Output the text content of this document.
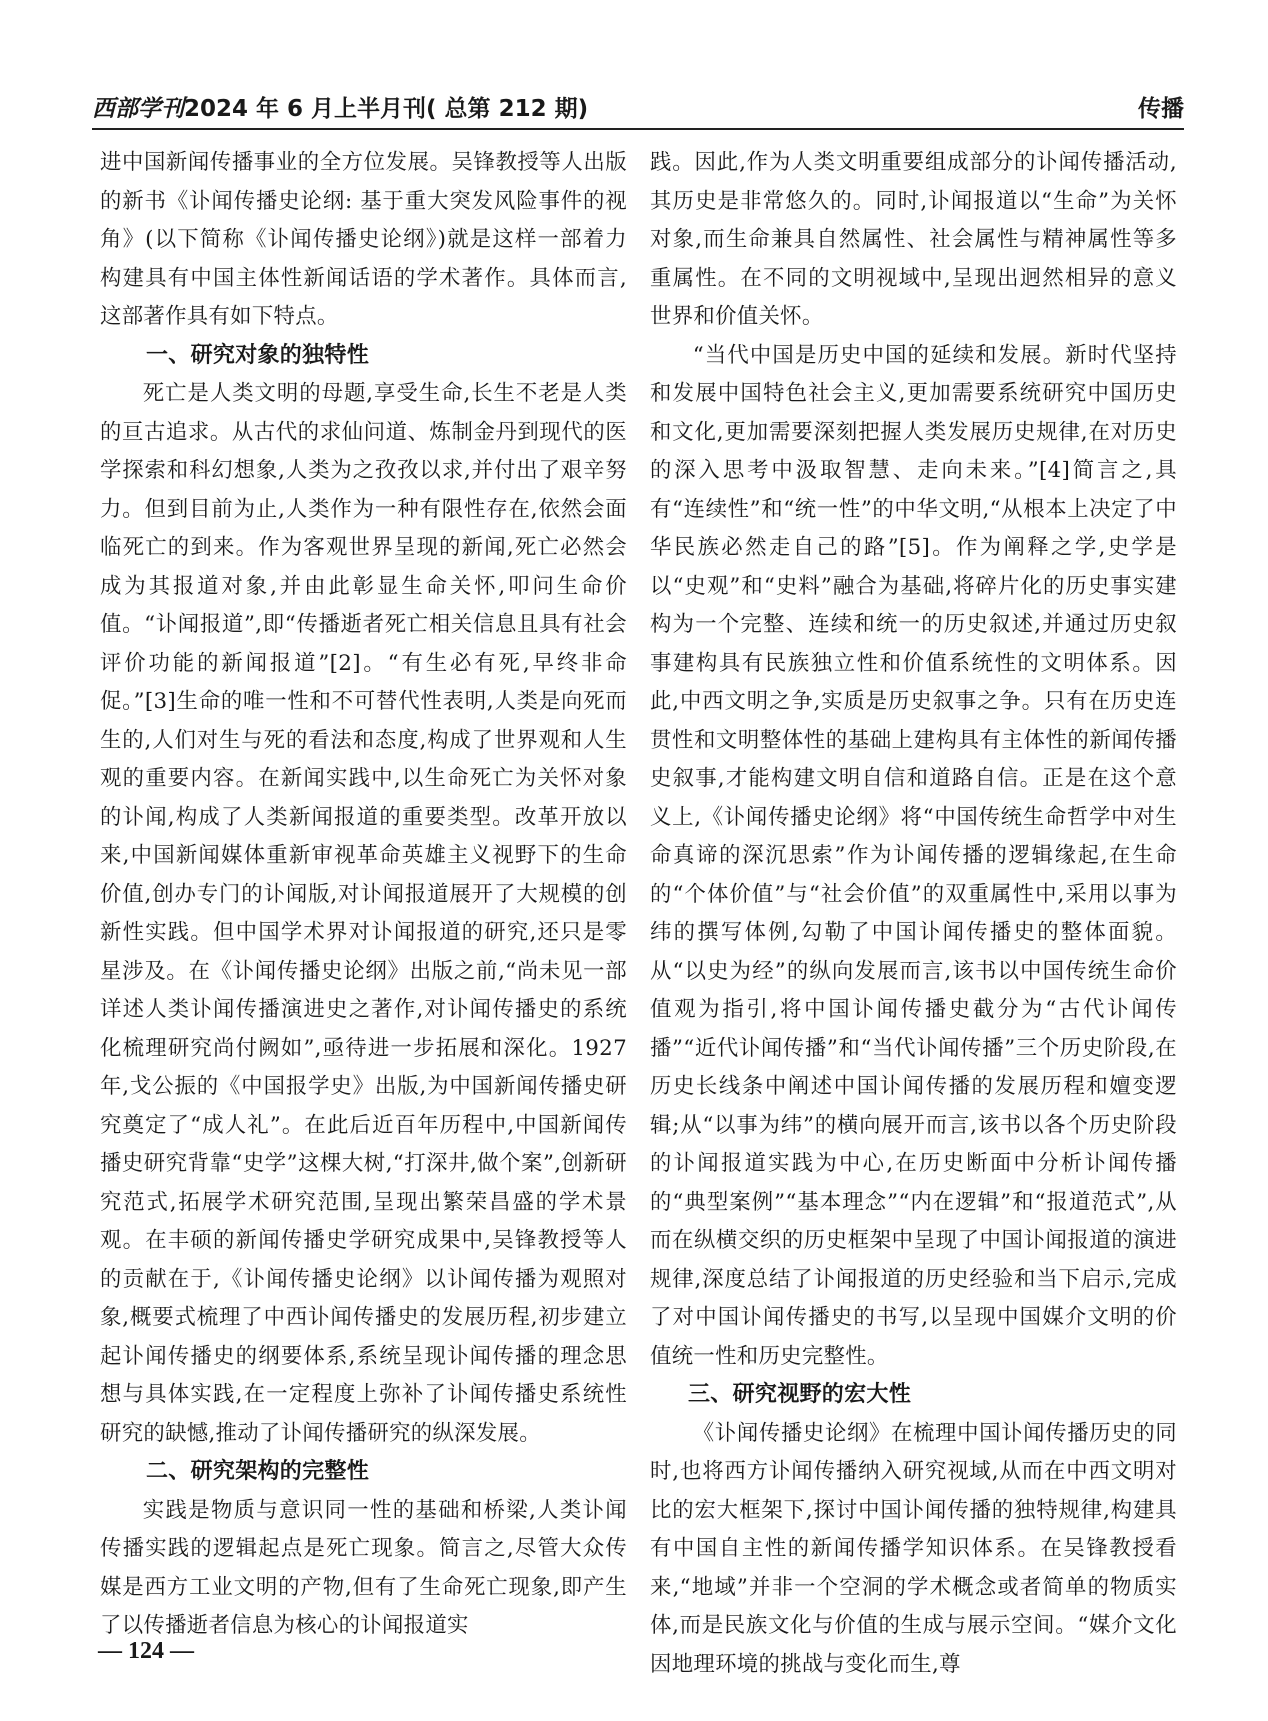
西部学刊2024 年 6 月上半月刊( 总第 212 期)	传播

进中国新闻传播事业的全方位发展。吴锋教授等人出版的新书《讣闻传播史论纲: 基于重大突发风险事件的视角》(以下简称《讣闻传播史论纲》)就是这样一部着力构建具有中国主体性新闻话语的学术著作。具体而言,这部著作具有如下特点。

一、研究对象的独特性

死亡是人类文明的母题,享受生命,长生不老是人类的亘古追求。从古代的求仙问道、炼制金丹到现代的医学探索和科幻想象,人类为之孜孜以求,并付出了艰辛努力。但到目前为止,人类作为一种有限性存在,依然会面临死亡的到来。作为客观世界呈现的新闻,死亡必然会成为其报道对象,并由此彰显生命关怀,叩问生命价值。“讣闻报道”,即“传播逝者死亡相关信息且具有社会评价功能的新闻报道”[2]。“有生必有死,早终非命促。”[3]生命的唯一性和不可替代性表明,人类是向死而生的,人们对生与死的看法和态度,构成了世界观和人生观的重要内容。在新闻实践中,以生命死亡为关怀对象的讣闻,构成了人类新闻报道的重要类型。改革开放以来,中国新闻媒体重新审视革命英雄主义视野下的生命价值,创办专门的讣闻版,对讣闻报道展开了大规模的创新性实践。但中国学术界对讣闻报道的研究,还只是零星涉及。在《讣闻传播史论纲》出版之前,“尚未见一部详述人类讣闻传播演进史之著作,对讣闻传播史的系统化梳理研究尚付阙如”,亟待进一步拓展和深化。1927 年,戈公振的《中国报学史》出版,为中国新闻传播史研究奠定了“成人礼”。在此后近百年历程中,中国新闻传播史研究背靠“史学”这棵大树,“打深井,做个案”,创新研究范式,拓展学术研究范围,呈现出繁荣昌盛的学术景观。在丰硕的新闻传播史学研究成果中,吴锋教授等人的贡献在于,《讣闻传播史论纲》以讣闻传播为观照对象,概要式梳理了中西讣闻传播史的发展历程,初步建立起讣闻传播史的纲要体系,系统呈现讣闻传播的理念思想与具体实践,在一定程度上弥补了讣闻传播史系统性研究的缺憾,推动了讣闻传播研究的纵深发展。

二、研究架构的完整性

实践是物质与意识同一性的基础和桥梁,人类讣闻传播实践的逻辑起点是死亡现象。简言之,尽管大众传媒是西方工业文明的产物,但有了生命死亡现象,即产生了以传播逝者信息为核心的讣闻报道实

践。因此,作为人类文明重要组成部分的讣闻传播活动,其历史是非常悠久的。同时,讣闻报道以“生命”为关怀对象,而生命兼具自然属性、社会属性与精神属性等多重属性。在不同的文明视域中,呈现出迥然相异的意义世界和价值关怀。

“当代中国是历史中国的延续和发展。新时代坚持和发展中国特色社会主义,更加需要系统研究中国历史和文化,更加需要深刻把握人类发展历史规律,在对历史的深入思考中汲取智慧、走向未来。”[4]简言之,具有“连续性”和“统一性”的中华文明,“从根本上决定了中华民族必然走自己的路”[5]。作为阐释之学,史学是以“史观”和“史料”融合为基础,将碎片化的历史事实建构为一个完整、连续和统一的历史叙述,并通过历史叙事建构具有民族独立性和价值系统性的文明体系。因此,中西文明之争,实质是历史叙事之争。只有在历史连贯性和文明整体性的基础上建构具有主体性的新闻传播史叙事,才能构建文明自信和道路自信。正是在这个意义上,《讣闻传播史论纲》将“中国传统生命哲学中对生命真谛的深沉思索”作为讣闻传播的逻辑缘起,在生命的“个体价值”与“社会价值”的双重属性中,采用以事为纬的撰写体例,勾勒了中国讣闻传播史的整体面貌。从“以史为经”的纵向发展而言,该书以中国传统生命价值观为指引,将中国讣闻传播史截分为“古代讣闻传播”“近代讣闻传播”和“当代讣闻传播”三个历史阶段,在历史长线条中阐述中国讣闻传播的发展历程和嬗变逻辑;从“以事为纬”的横向展开而言,该书以各个历史阶段的讣闻报道实践为中心,在历史断面中分析讣闻传播的“典型案例”“基本理念”“内在逻辑”和“报道范式”,从而在纵横交织的历史框架中呈现了中国讣闻报道的演进规律,深度总结了讣闻报道的历史经验和当下启示,完成了对中国讣闻传播史的书写,以呈现中国媒介文明的价值统一性和历史完整性。

三、研究视野的宏大性

《讣闻传播史论纲》在梳理中国讣闻传播历史的同时,也将西方讣闻传播纳入研究视域,从而在中西文明对比的宏大框架下,探讨中国讣闻传播的独特规律,构建具有中国自主性的新闻传播学知识体系。在吴锋教授看来,“地域”并非一个空洞的学术概念或者简单的物质实体,而是民族文化与价值的生成与展示空间。“媒介文化因地理环境的挑战与变化而生,尊

— 124 —
